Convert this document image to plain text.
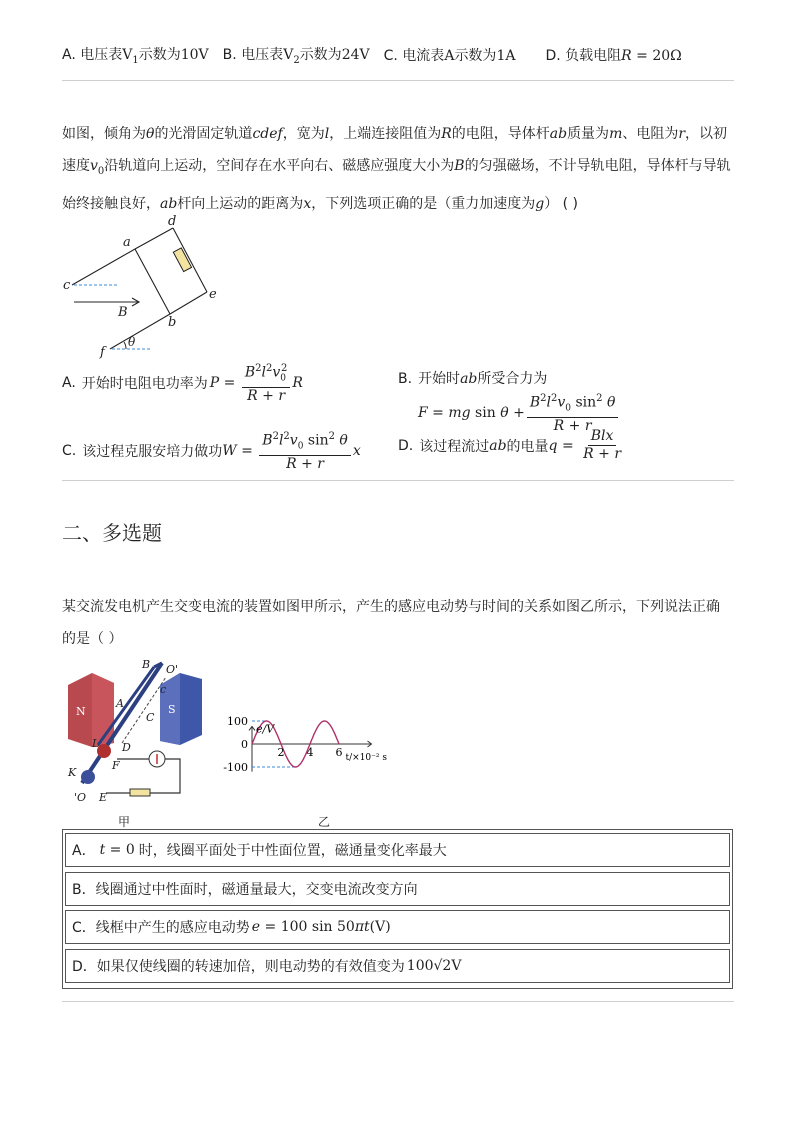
A. 电压表$V_1$示数为10V B. 电压表$V_2$示数为24V C. 电流表A示数为1A D. 负载电阻R = 20Ω
如图，倾角为θ的光滑固定轨道cdef，宽为l，上端连接阻值为R的电阻，导体杆ab质量为m、电阻为r，以初
速度$v_0$沿轨道向上运动，空间存在水平向右、磁感应强度大小为B的匀强磁场，不计导轨电阻，导体杆与导轨
始终接触良好，ab杆向上运动的距离为x，下列选项正确的是（重力加速度为g） ( )
a
b
c
d
e
f
B
θ
A. 开始时电阻电功率为 $P = \frac{B^2l^2v_0^2}{R + r}$ R	B. 开始时ab所受合力为
F = mg $\sin \theta + \frac{B^2l^2v_0 \sin^2 \theta}{R + r}$
C. 该过程克服安培力做功 $W = \frac{B^2l^2v_0 \sin^2 \theta}{R + r}$ x	D. 该过程流过 ab 的电量 $q = \frac{\text{Blx}}{R + r}$
二、多选题
某交流发电机产生交变电流的装置如图甲所示，产生的感应电动势与时间的关系如图乙所示，下列说法正确
的是（ ）
N	S
A
B
C
c
D
E
F
K
L
O'
'O
甲
100
0
-100
2 4 6
e/V
t/×10⁻² s
乙
A． t = 0 时，线圈平面处于中性面位置，磁通量变化率最大
B． 线圈通过中性面时，磁通量最大，交变电流改变方向
C． 线框中产生的感应电动势 e = 100 sin 50πt(V)
D． 如果仅使线圈的转速加倍，则电动势的有效值变为 100√2V
